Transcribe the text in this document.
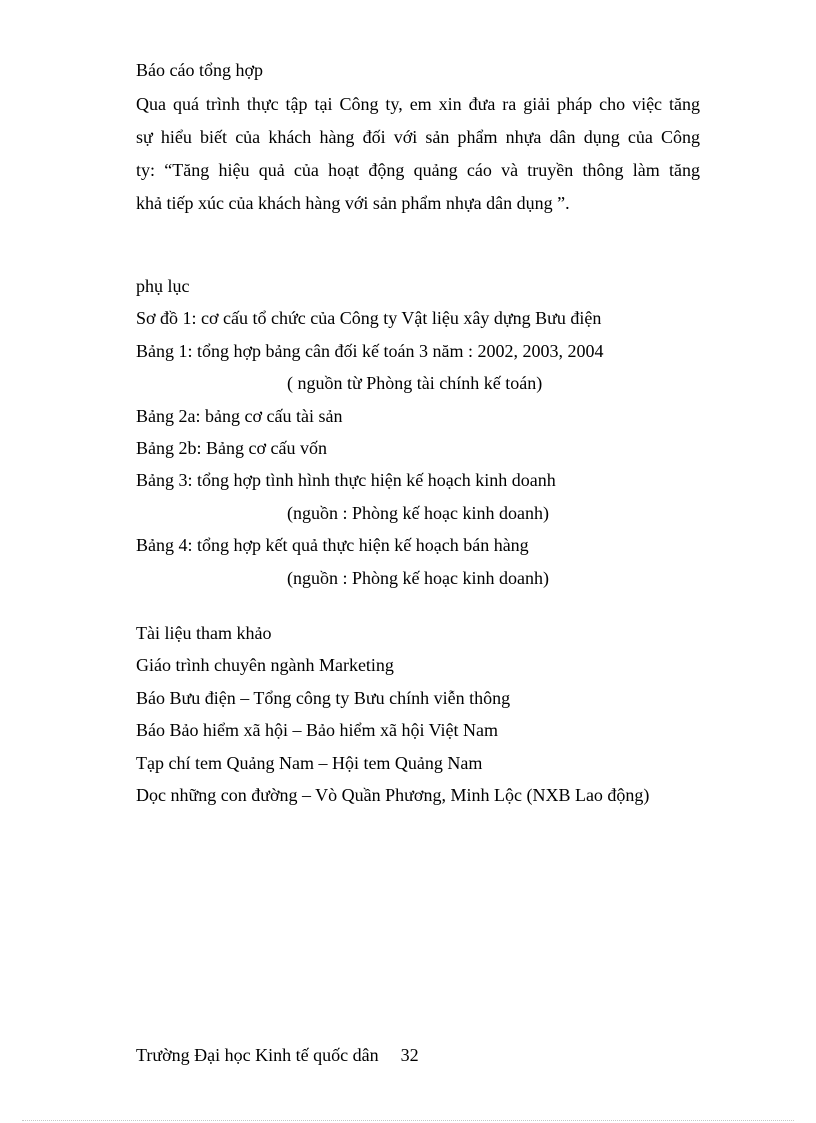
Báo cáo tổng hợp
Qua quá trình thực tập tại Công ty, em xin đưa ra giải pháp cho việc tăng
sự hiểu biết của khách hàng đối với sản phẩm nhựa dân dụng của Công
ty: “Tăng hiệu quả của hoạt động quảng cáo và truyền thông làm tăng
khả tiếp xúc của khách hàng với sản phẩm nhựa dân dụng ”.
phụ lục
Sơ đồ 1: cơ cấu tổ chức của Công ty Vật liệu xây dựng Bưu điện
Bảng 1: tổng hợp bảng cân đối kế toán 3 năm : 2002, 2003, 2004
( nguồn từ Phòng tài chính kế toán)
Bảng 2a: bảng cơ cấu tài sản
Bảng 2b: Bảng cơ cấu vốn
Bảng 3: tổng hợp tình hình thực hiện kế hoạch kinh doanh
(nguồn : Phòng kế hoạc kinh doanh)
Bảng 4: tổng hợp kết quả thực hiện kế hoạch bán hàng
(nguồn : Phòng kế hoạc kinh doanh)
Tài liệu tham khảo
Giáo trình chuyên ngành Marketing
Báo Bưu điện – Tổng công ty Bưu chính viễn thông
Báo Bảo hiểm xã hội – Bảo hiểm xã hội Việt Nam
Tạp chí tem Quảng Nam – Hội tem Quảng Nam
Dọc những con đường – Vò Quần Phương, Minh Lộc (NXB Lao động)
Trường Đại học Kinh tế quốc dân 32
